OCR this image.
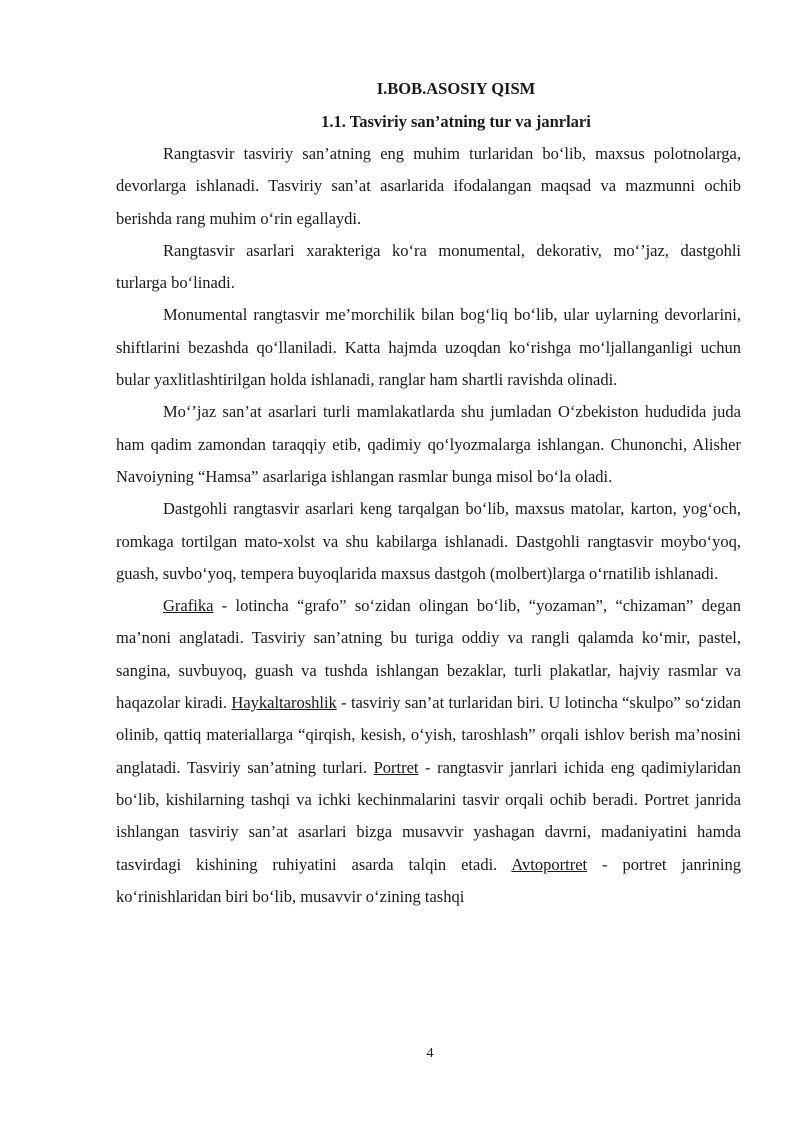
I.BOB.ASOSIY QISM

1.1. Tasviriy san’atning tur va janrlari

Rangtasvir tasviriy san’atning eng muhim turlaridan bo‘lib, maxsus polotnolarga, devorlarga ishlanadi. Tasviriy san’at asarlarida ifodalangan maqsad va mazmunni ochib berishda rang muhim o‘rin egallaydi.

Rangtasvir asarlari xarakteriga ko‘ra monumental, dekorativ, mo‘’jaz, dastgohli turlarga bo‘linadi.

Monumental rangtasvir me’morchilik bilan bog‘liq bo‘lib, ular uylarning devorlarini, shiftlarini bezashda qo‘llaniladi. Katta hajmda uzoqdan ko‘rishga mo‘ljallanganligi uchun bular yaxlitlashtirilgan holda ishlanadi, ranglar ham shartli ravishda olinadi.

Mo‘’jaz san’at asarlari turli mamlakatlarda shu jumladan O‘zbekiston hududida juda ham qadim zamondan taraqqiy etib, qadimiy qo‘lyozmalarga ishlangan. Chunonchi, Alisher Navoiyning “Hamsa” asarlariga ishlangan rasmlar bunga misol bo‘la oladi.

Dastgohli rangtasvir asarlari keng tarqalgan bo‘lib, maxsus matolar, karton, yog‘och, romkaga tortilgan mato-xolst va shu kabilarga ishlanadi. Dastgohli rangtasvir moybo‘yoq, guash, suvbo‘yoq, tempera buyoqlarida maxsus dastgoh (molbert)larga o‘rnatilib ishlanadi.

Grafika - lotincha “grafo” so‘zidan olingan bo‘lib, “yozaman”, “chizaman” degan ma’noni anglatadi. Tasviriy san’atning bu turiga oddiy va rangli qalamda ko‘mir, pastel, sangina, suvbuyoq, guash va tushda ishlangan bezaklar, turli plakatlar, hajviy rasmlar va haqazolar kiradi. Haykaltaroshlik - tasviriy san’at turlaridan biri. U lotincha “skulpo” so‘zidan olinib, qattiq materiallarga “qirqish, kesish, o‘yish, taroshlash” orqali ishlov berish ma’nosini anglatadi. Tasviriy san’atning turlari. Portret - rangtasvir janrlari ichida eng qadimiylaridan bo‘lib, kishilarning tashqi va ichki kechinmalarini tasvir orqali ochib beradi. Portret janrida ishlangan tasviriy san’at asarlari bizga musavvir yashagan davrni, madaniyatini hamda tasvirdagi kishining ruhiyatini asarda talqin etadi. Avtoportret - portret janrining ko‘rinishlaridan biri bo‘lib, musavvir o‘zining tashqi

4
